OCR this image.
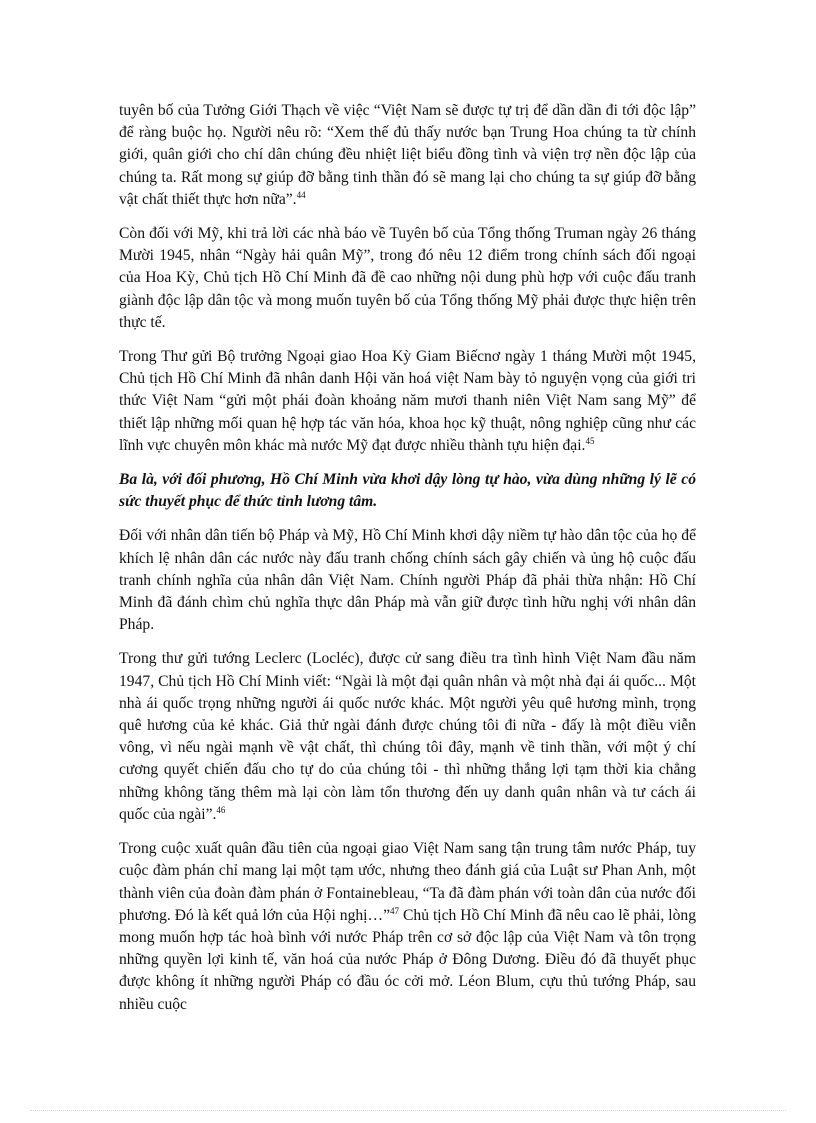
tuyên bố của Tưởng Giới Thạch về việc “Việt Nam sẽ được tự trị để dần dần đi tới độc lập” để ràng buộc họ. Người nêu rõ: “Xem thế đủ thấy nước bạn Trung Hoa chúng ta từ chính giới, quân giới cho chí dân chúng đều nhiệt liệt biểu đồng tình và viện trợ nền độc lập của chúng ta. Rất mong sự giúp đỡ bằng tinh thần đó sẽ mang lại cho chúng ta sự giúp đỡ bằng vật chất thiết thực hơn nữa”.$^{44}$

Còn đối với Mỹ, khi trả lời các nhà báo về Tuyên bố của Tổng thống Truman ngày 26 tháng Mười 1945, nhân “Ngày hải quân Mỹ”, trong đó nêu 12 điểm trong chính sách đối ngoại của Hoa Kỳ, Chủ tịch Hồ Chí Minh đã đề cao những nội dung phù hợp với cuộc đấu tranh giành độc lập dân tộc và mong muốn tuyên bố của Tổng thống Mỹ phải được thực hiện trên thực tế.

Trong Thư gửi Bộ trưởng Ngoại giao Hoa Kỳ Giam Biếcnơ ngày 1 tháng Mười một 1945, Chủ tịch Hồ Chí Minh đã nhân danh Hội văn hoá việt Nam bày tỏ nguyện vọng của giới tri thức Việt Nam “gửi một phái đoàn khoảng năm mươi thanh niên Việt Nam sang Mỹ” để thiết lập những mối quan hệ hợp tác văn hóa, khoa học kỹ thuật, nông nghiệp cũng như các lĩnh vực chuyên môn khác mà nước Mỹ đạt được nhiều thành tựu hiện đại.$^{45}$

Ba là, với đối phương, Hồ Chí Minh vừa khơi dậy lòng tự hào, vừa dùng những lý lẽ có sức thuyết phục để thức tỉnh lương tâm.

Đối với nhân dân tiến bộ Pháp và Mỹ, Hồ Chí Minh khơi dậy niềm tự hào dân tộc của họ để khích lệ nhân dân các nước này đấu tranh chống chính sách gây chiến và ủng hộ cuộc đấu tranh chính nghĩa của nhân dân Việt Nam. Chính người Pháp đã phải thừa nhận: Hồ Chí Minh đã đánh chìm chủ nghĩa thực dân Pháp mà vẫn giữ được tình hữu nghị với nhân dân Pháp.

Trong thư gửi tướng Leclerc (Locléc), được cử sang điều tra tình hình Việt Nam đầu năm 1947, Chủ tịch Hồ Chí Minh viết: “Ngài là một đại quân nhân và một nhà đại ái quốc... Một nhà ái quốc trọng những người ái quốc nước khác. Một người yêu quê hương mình, trọng quê hương của kẻ khác. Giả thử ngài đánh được chúng tôi đi nữa - đấy là một điều viễn vông, vì nếu ngài mạnh về vật chất, thì chúng tôi đây, mạnh về tinh thần, với một ý chí cương quyết chiến đấu cho tự do của chúng tôi - thì những thắng lợi tạm thời kia chẳng những không tăng thêm mà lại còn làm tổn thương đến uy danh quân nhân và tư cách ái quốc của ngài”.$^{46}$

Trong cuộc xuất quân đầu tiên của ngoại giao Việt Nam sang tận trung tâm nước Pháp, tuy cuộc đàm phán chỉ mang lại một tạm ước, nhưng theo đánh giá của Luật sư Phan Anh, một thành viên của đoàn đàm phán ở Fontainebleau, “Ta đã đàm phán với toàn dân của nước đối phương. Đó là kết quả lớn của Hội nghị…”$^{47}$ Chủ tịch Hồ Chí Minh đã nêu cao lẽ phải, lòng mong muốn hợp tác hoà bình với nước Pháp trên cơ sở độc lập của Việt Nam và tôn trọng những quyền lợi kinh tế, văn hoá của nước Pháp ở Đông Dương. Điều đó đã thuyết phục được không ít những người Pháp có đầu óc cởi mở. Léon Blum, cựu thủ tướng Pháp, sau nhiều cuộc
